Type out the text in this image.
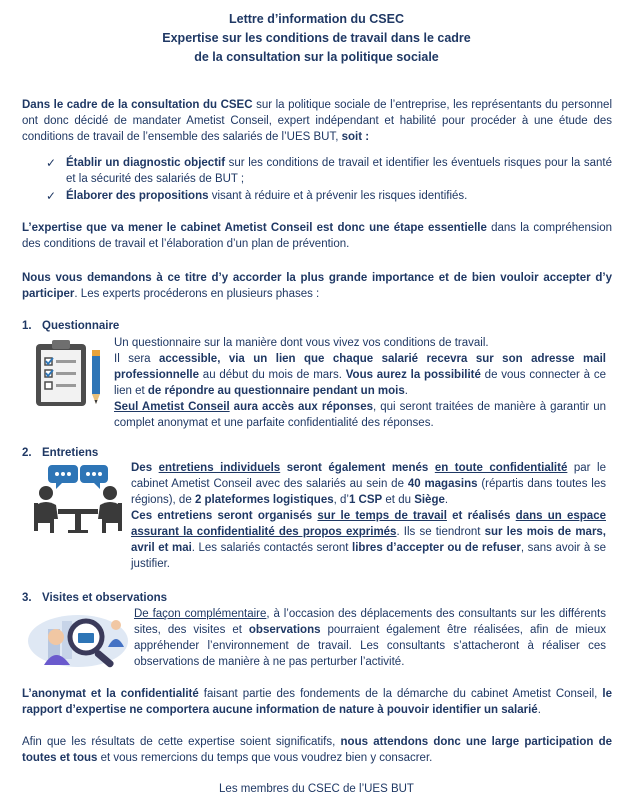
Lettre d’information du CSEC
Expertise sur les conditions de travail dans le cadre
de la consultation sur la politique sociale
Dans le cadre de la consultation du CSEC sur la politique sociale de l’entreprise, les représentants du personnel ont donc décidé de mandater Ametist Conseil, expert indépendant et habilité pour procéder à une étude des conditions de travail de l’ensemble des salariés de l’UES BUT, soit :
✓ Établir un diagnostic objectif sur les conditions de travail et identifier les éventuels risques pour la santé et la sécurité des salariés de BUT ;
✓ Élaborer des propositions visant à réduire et à prévenir les risques identifiés.
L’expertise que va mener le cabinet Ametist Conseil est donc une étape essentielle dans la compréhension des conditions de travail et l’élaboration d’un plan de prévention.
Nous vous demandons à ce titre d’y accorder la plus grande importance et de bien vouloir accepter d’y participer. Les experts procéderons en plusieurs phases :
1. Questionnaire
Un questionnaire sur la manière dont vous vivez vos conditions de travail.
Il sera accessible, via un lien que chaque salarié recevra sur son adresse mail professionnelle au début du mois de mars. Vous aurez la possibilité de vous connecter à ce lien et de répondre au questionnaire pendant un mois.
Seul Ametist Conseil aura accès aux réponses, qui seront traitées de manière à garantir un complet anonymat et une parfaite confidentialité des réponses.
2. Entretiens
Des entretiens individuels seront également menés en toute confidentialité par le cabinet Ametist Conseil avec des salariés au sein de 40 magasins (répartis dans toutes les régions), de 2 plateformes logistiques, d’1 CSP et du Siège.
Ces entretiens seront organisés sur le temps de travail et réalisés dans un espace assurant la confidentialité des propos exprimés. Ils se tiendront sur les mois de mars, avril et mai. Les salariés contactés seront libres d’accepter ou de refuser, sans avoir à se justifier.
3. Visites et observations
De façon complémentaire, à l’occasion des déplacements des consultants sur les différents sites, des visites et observations pourraient également être réalisées, afin de mieux appréhender l’environnement de travail. Les consultants s’attacheront à réaliser ces observations de manière à ne pas perturber l’activité.
L’anonymat et la confidentialité faisant partie des fondements de la démarche du cabinet Ametist Conseil, le rapport d’expertise ne comportera aucune information de nature à pouvoir identifier un salarié.
Afin que les résultats de cette expertise soient significatifs, nous attendons donc une large participation de toutes et tous et vous remercions du temps que vous voudrez bien y consacrer.
Les membres du CSEC de l’UES BUT
